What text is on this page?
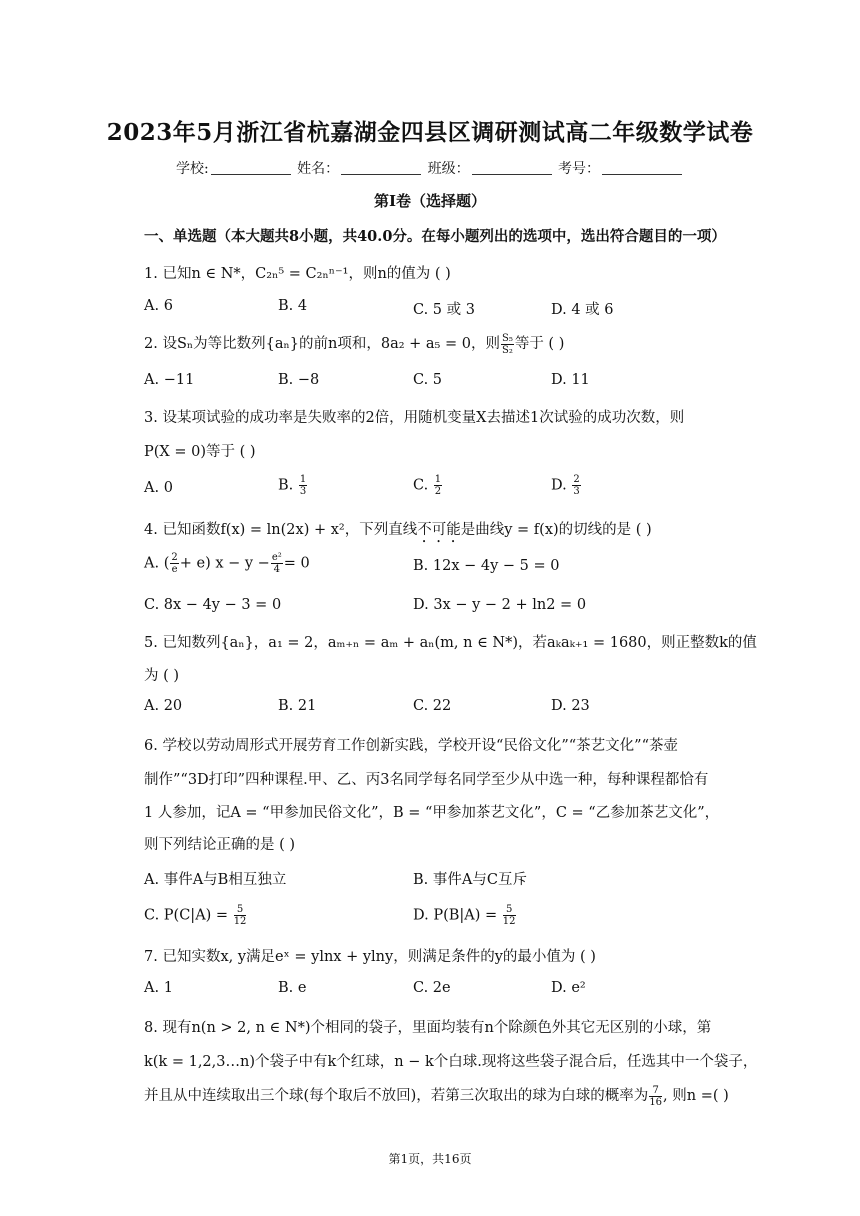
2023年5月浙江省杭嘉湖金四县区调研测试高二年级数学试卷
学校:	姓名：	班级：	考号：
第I卷（选择题）
一、单选题（本大题共8小题，共40.0分。在每小题列出的选项中，选出符合题目的一项）
1. 已知n ∈ N*，C₂ₙ⁵ = C₂ₙⁿ⁻¹，则n的值为 ( )
A. 6	B. 4	C. 5 或 3	D. 4 或 6
2. 设Sₙ为等比数列{aₙ}的前n项和，8a₂ + a₅ = 0，则 $\frac{\text{S₅}}{\text{S₂}}$ 等于 ( )
A. −11	B. −8	C. 5	D. 11
3. 设某项试验的成功率是失败率的2倍，用随机变量X去描述1次试验的成功次数，则
P(X = 0)等于 ( )
A. 0	B. $\frac{1}{3}$	C. $\frac{1}{2}$	D. $\frac{2}{3}$
4. 已知函数f(x) = ln(2x) + x²，下列直线不可能是曲线y = f(x)的切线的是 ( )
A. ( $\frac{2}{e} + e$) $x - y - \frac{\text{e²}}{4} = 0$	B. 12x − 4y − 5 = 0
C. 8x − 4y − 3 = 0	D. 3x − y − 2 + ln2 = 0
5. 已知数列{aₙ}，a₁ = 2，aₘ₊ₙ = aₘ + aₙ(m, n ∈ N*)，若aₖaₖ₊₁ = 1680，则正整数k的值
为 ( )
A. 20	B. 21	C. 22	D. 23
6. 学校以劳动周形式开展劳育工作创新实践，学校开设“民俗文化”“茶艺文化”“茶壶
制作”“3D打印”四种课程.甲、乙、丙3名同学每名同学至少从中选一种，每种课程都恰有
1 人参加，记A = “甲参加民俗文化”，B = “甲参加茶艺文化”，C = “乙参加茶艺文化”，
则下列结论正确的是 ( )
A. 事件A与B相互独立	B. 事件A与C互斥
C. $P(C|A) = \frac{5}{12}$	D. $P(B|A) = \frac{5}{12}$
7. 已知实数x, y满足eˣ = ylnx + ylny，则满足条件的y的最小值为 ( )
A. 1	B. e	C. 2e	D. e²
8. 现有n(n > 2, n ∈ N*)个相同的袋子，里面均装有n个除颜色外其它无区别的小球，第
k(k = 1,2,3…n)个袋子中有k个红球，n − k个白球.现将这些袋子混合后，任选其中一个袋子，
并且从中连续取出三个球(每个取后不放回)，若第三次取出的球为白球的概率为 $\frac{7}{16}$ , 则n =( )
第1页，共16页
